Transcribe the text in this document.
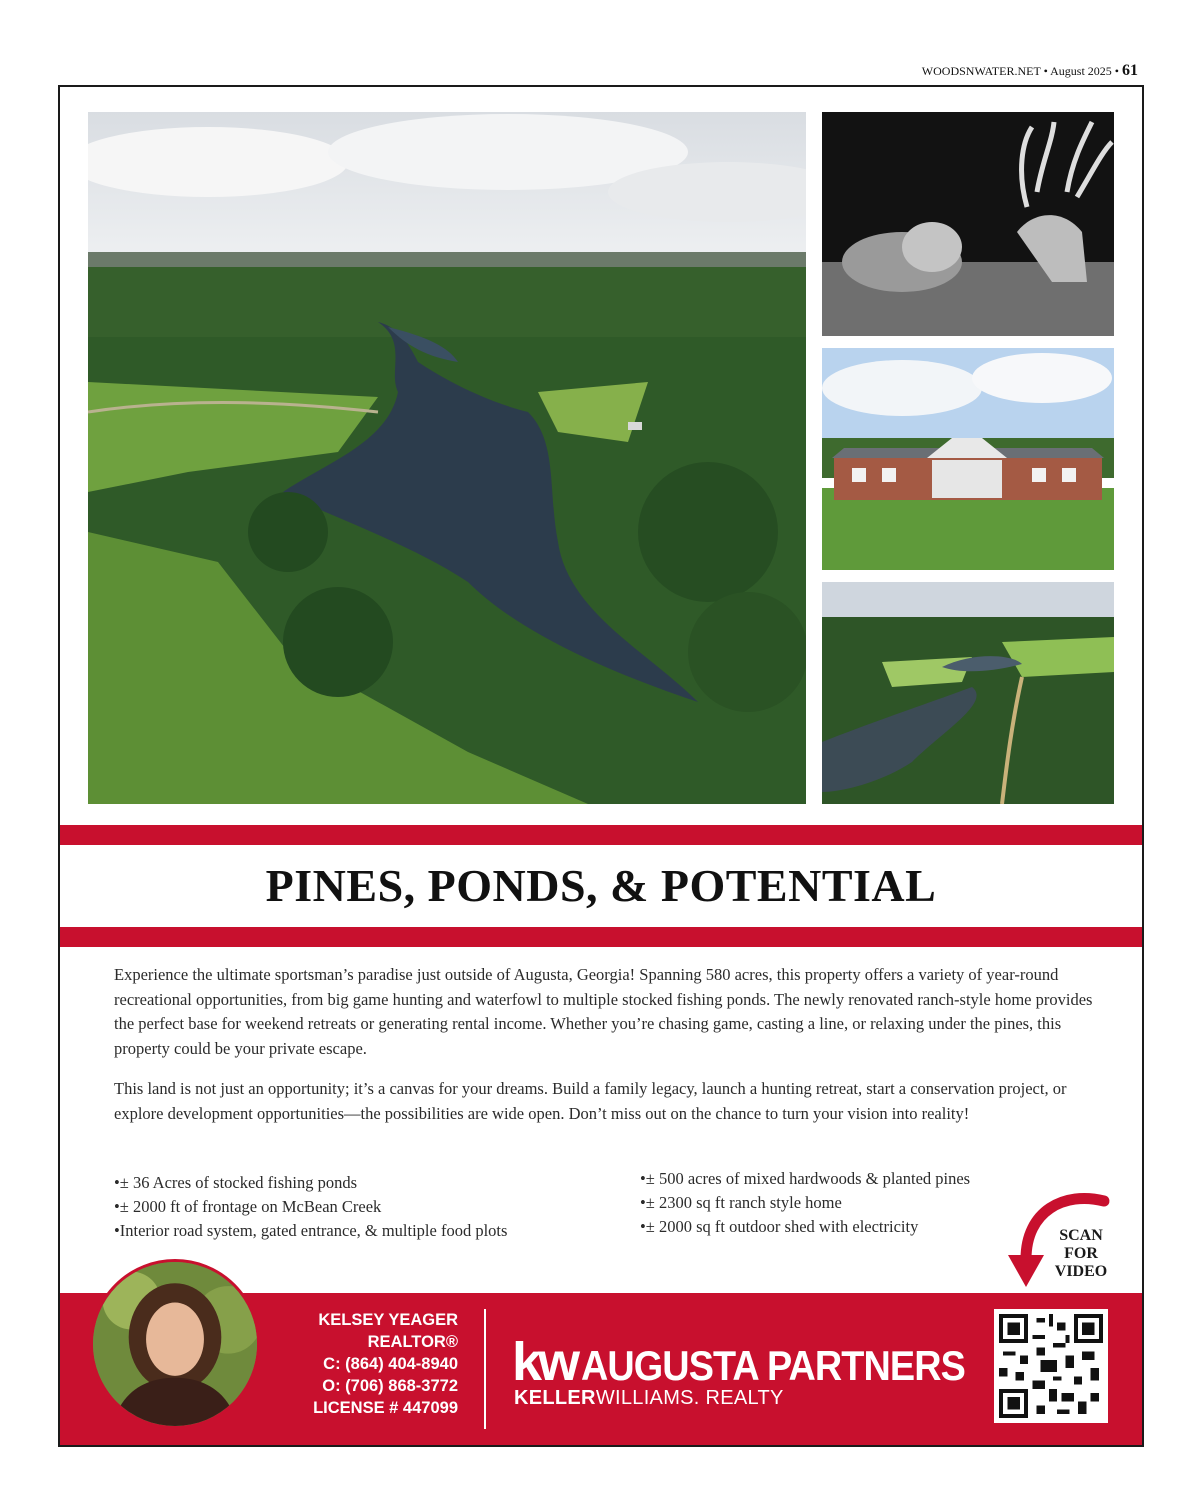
WOODSNWATER.NET • August 2025 • 61
PINES, PONDS, & POTENTIAL

Experience the ultimate sportsman’s paradise just outside of Augusta, Georgia! Spanning 580 acres, this property offers a variety of year-round recreational opportunities, from big game hunting and waterfowl to multiple stocked fishing ponds. The newly renovated ranch-style home provides the perfect base for weekend retreats or generating rental income. Whether you’re chasing game, casting a line, or relaxing under the pines, this property could be your private escape.

This land is not just an opportunity; it’s a canvas for your dreams. Build a family legacy, launch a hunting retreat, start a conservation project, or explore development opportunities—the possibilities are wide open. Don’t miss out on the chance to turn your vision into reality!

• ± 36 Acres of stocked fishing ponds
• ± 2000 ft of frontage on McBean Creek
• Interior road system, gated entrance, & multiple food plots
• ± 500 acres of mixed hardwoods & planted pines
• ± 2300 sq ft ranch style home
• ± 2000 sq ft outdoor shed with electricity	SCAN
FOR
VIDEO
KELSEY YEAGER
REALTOR®
C: (864) 404-8940
O: (706) 868-3772
LICENSE # 447099
kw AUGUSTA PARTNERS
KELLERWILLIAMS. REALTY
